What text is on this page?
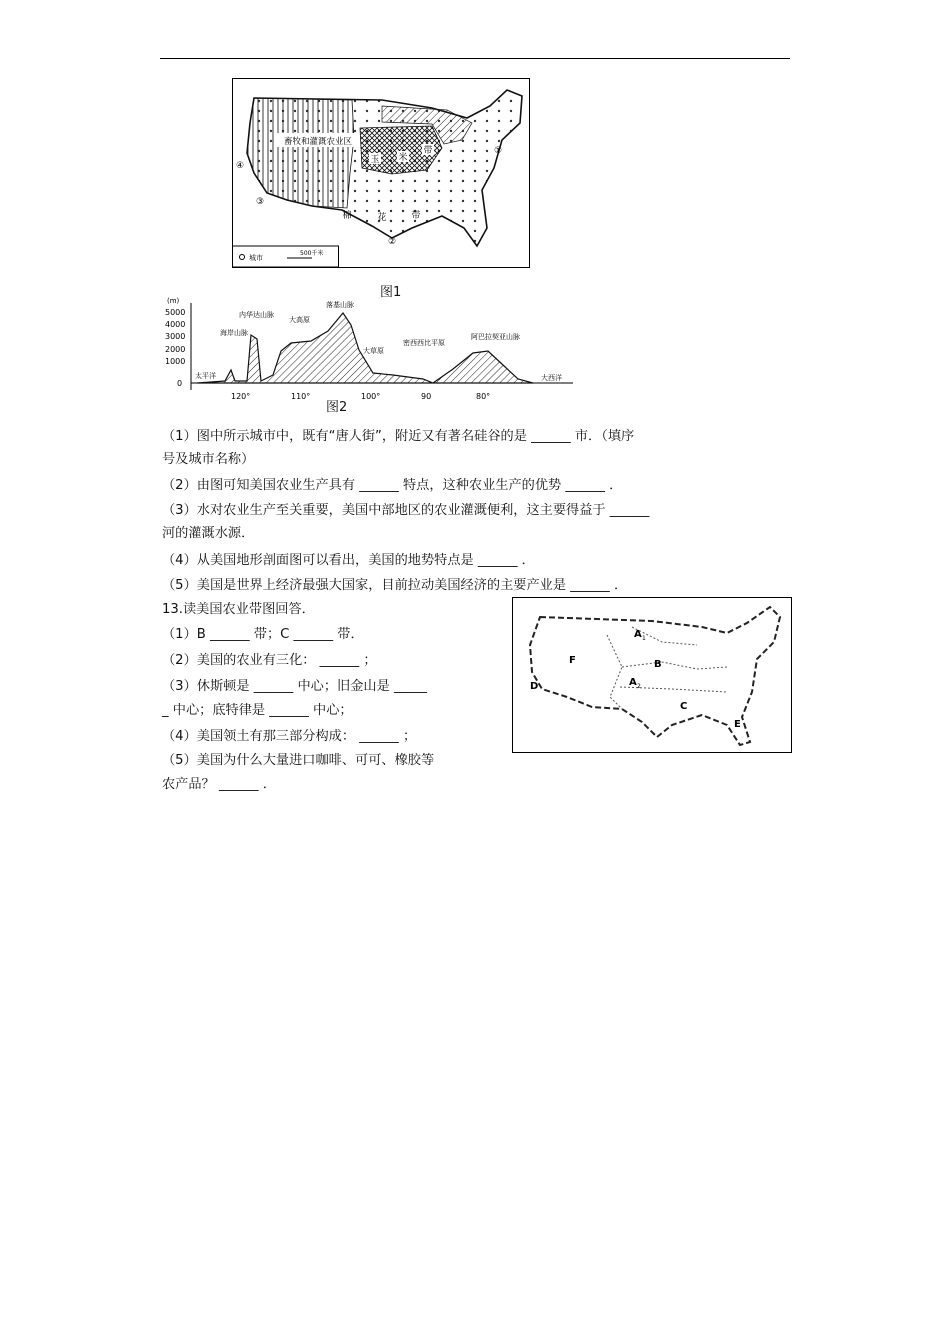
畜牧和灌溉农业区
玉 米
带
棉	花	带
①
②
③
④
城市
500千米
图1
(m)
5000
4000
3000
2000
1000
0
海岸山脉
内华达山脉
大高原
落基山脉
大草原
密西西比平原
阿巴拉契亚山脉
太平洋	大西洋
120°	110°	100°	90	80°
图2
（1）图中所示城市中，既有“唐人街”，附近又有著名硅谷的是 ______ 市．（填序
号及城市名称）
（2）由图可知美国农业生产具有 ______ 特点，这种农业生产的优势 ______ ．
（3）水对农业生产至关重要，美国中部地区的农业灌溉便利，这主要得益于 ______
河的灌溉水源．
（4）从美国地形剖面图可以看出，美国的地势特点是 ______ ．
（5）美国是世界上经济最强大国家，目前拉动美国经济的主要产业是 ______ ．
13.读美国农业带图回答．
（1）B ______ 带；C ______ 带．
（2）美国的农业有三化： ______ ；
（3）休斯顿是 ______ 中心；旧金山是 _____
_ 中心；底特律是 ______ 中心；
（4）美国领土有那三部分构成： ______ ；
（5）美国为什么大量进口咖啡、可可、橡胶等
农产品？ ______ ．
A 1
B
A 2
F
C
E
D
